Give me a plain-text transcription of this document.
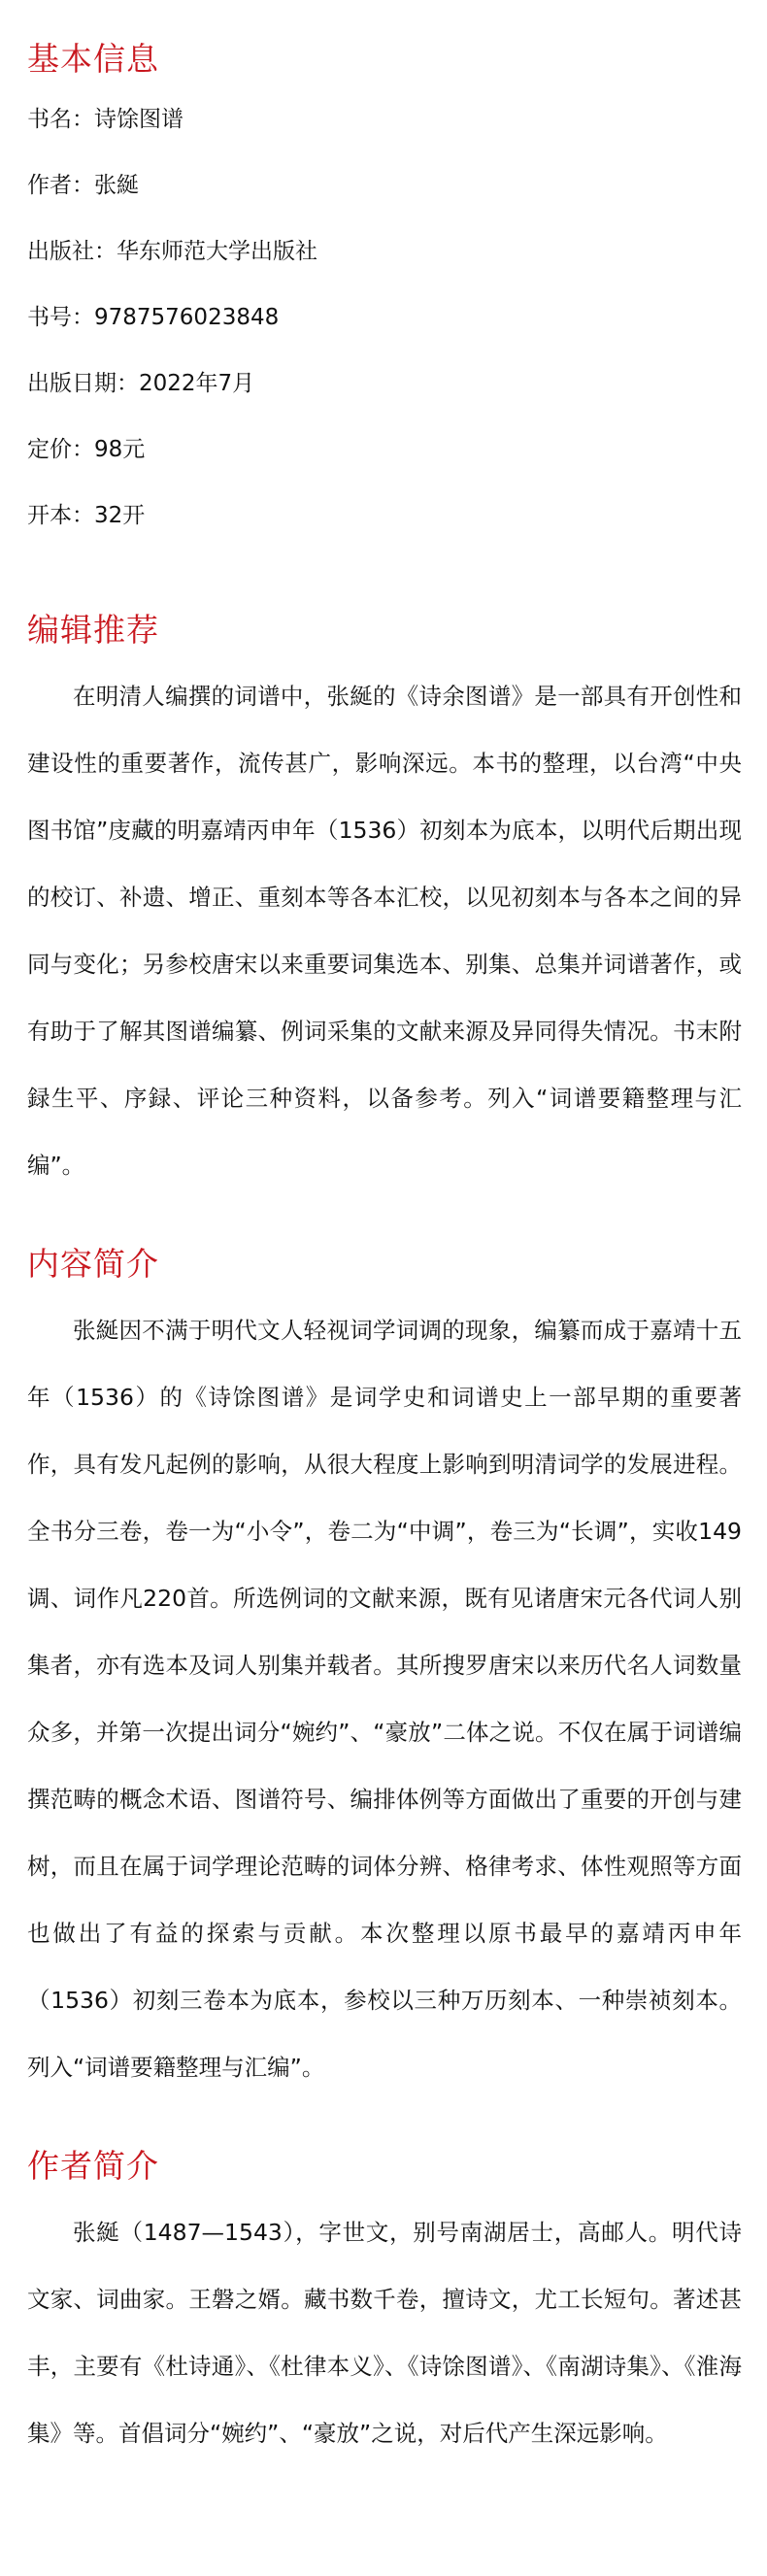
基本信息

书名：诗馀图谱

作者：张綖

出版社：华东师范大学出版社

书号：9787576023848

出版日期：2022年7月

定价：98元

开本：32开

编辑推荐

在明清人编撰的词谱中，张綖的《诗余图谱》是一部具有开创性和建设性的重要著作，流传甚广，影响深远。本书的整理，以台湾“中央图书馆”庋藏的明嘉靖丙申年（1536）初刻本为底本，以明代后期出现的校订、补遗、增正、重刻本等各本汇校，以见初刻本与各本之间的异同与变化；另参校唐宋以来重要词集选本、别集、总集并词谱著作，或有助于了解其图谱编纂、例词采集的文献来源及异同得失情况。书末附録生平、序録、评论三种资料，以备参考。列入“词谱要籍整理与汇编”。

内容简介

张綖因不满于明代文人轻视词学词调的现象，编纂而成于嘉靖十五年（1536）的《诗馀图谱》是词学史和词谱史上一部早期的重要著作，具有发凡起例的影响，从很大程度上影响到明清词学的发展进程。全书分三卷，卷一为“小令”，卷二为“中调”，卷三为“长调”，实收149调、词作凡220首。所选例词的文献来源，既有见诸唐宋元各代词人别集者，亦有选本及词人别集并载者。其所搜罗唐宋以来历代名人词数量众多，并第一次提出词分“婉约”、“豪放”二体之说。不仅在属于词谱编撰范畴的概念术语、图谱符号、编排体例等方面做出了重要的开创与建树，而且在属于词学理论范畴的词体分辨、格律考求、体性观照等方面也做出了有益的探索与贡献。本次整理以原书最早的嘉靖丙申年（1536）初刻三卷本为底本，参校以三种万历刻本、一种崇祯刻本。列入“词谱要籍整理与汇编”。

作者简介

张綖（1487—1543），字世文，别号南湖居士，高邮人。明代诗文家、词曲家。王磐之婿。藏书数千卷，擅诗文，尤工长短句。著述甚丰，主要有《杜诗通》、《杜律本义》、《诗馀图谱》、《南湖诗集》、《淮海集》等。首倡词分“婉约”、“豪放”之说，对后代产生深远影响。
